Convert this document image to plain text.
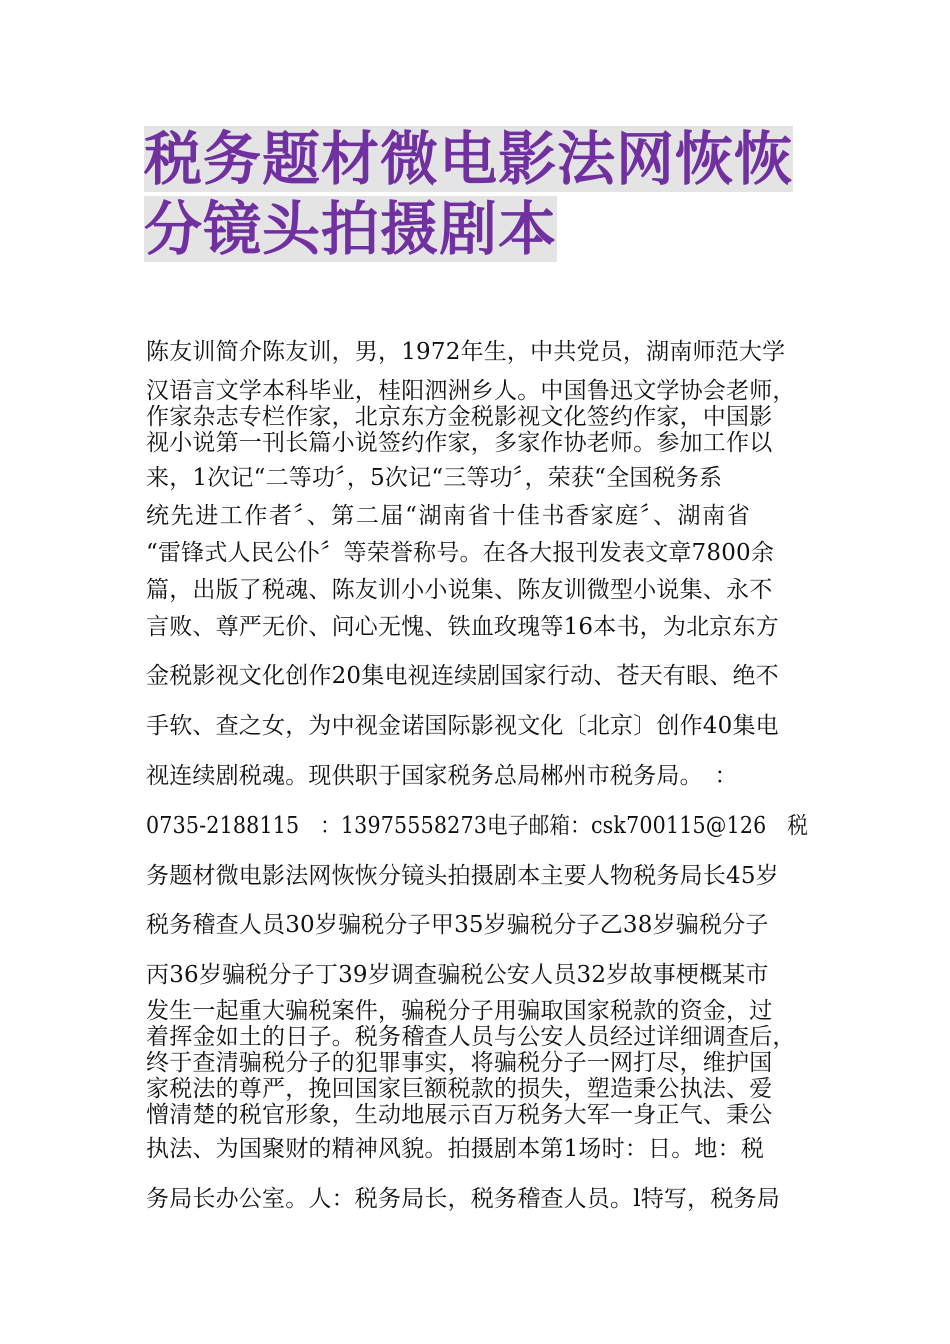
税务题材微电影法网恢恢
分镜头拍摄剧本
陈友训简介陈友训，男，1972年生，中共党员，湖南师范大学
汉语言文学本科毕业，桂阳泗洲乡人。中国鲁迅文学协会老师，
作家杂志专栏作家，北京东方金税影视文化签约作家，中国影
视小说第一刊长篇小说签约作家，多家作协老师。参加工作以
来，1次记“二等功〞，5次记“三等功〞，荣获“全国税务系
统先进工作者〞、第二届“湖南省十佳书香家庭〞、湖南省
“雷锋式人民公仆〞等荣誉称号。在各大报刊发表文章7800余
篇，出版了税魂、陈友训小小说集、陈友训微型小说集、永不
言败、尊严无价、问心无愧、铁血玫瑰等16本书，为北京东方
金税影视文化创作20集电视连续剧国家行动、苍天有眼、绝不
手软、查之女，为中视金诺国际影视文化〔北京〕创作40集电
视连续剧税魂。现供职于国家税务总局郴州市税务局。　：
0735-2188115　：13975558273电子邮箱：csk700115@126　税
务题材微电影法网恢恢分镜头拍摄剧本主要人物税务局长45岁
税务稽查人员30岁骗税分子甲35岁骗税分子乙38岁骗税分子
丙36岁骗税分子丁39岁调查骗税公安人员32岁故事梗概某市
发生一起重大骗税案件，骗税分子用骗取国家税款的资金，过
着挥金如土的日子。税务稽查人员与公安人员经过详细调查后，
终于查清骗税分子的犯罪事实，将骗税分子一网打尽，维护国
家税法的尊严，挽回国家巨额税款的损失，塑造秉公执法、爱
憎清楚的税官形象，生动地展示百万税务大军一身正气、秉公
执法、为国聚财的精神风貌。拍摄剧本第1场时：日。地：税
务局长办公室。人：税务局长，税务稽查人员。l特写，税务局
